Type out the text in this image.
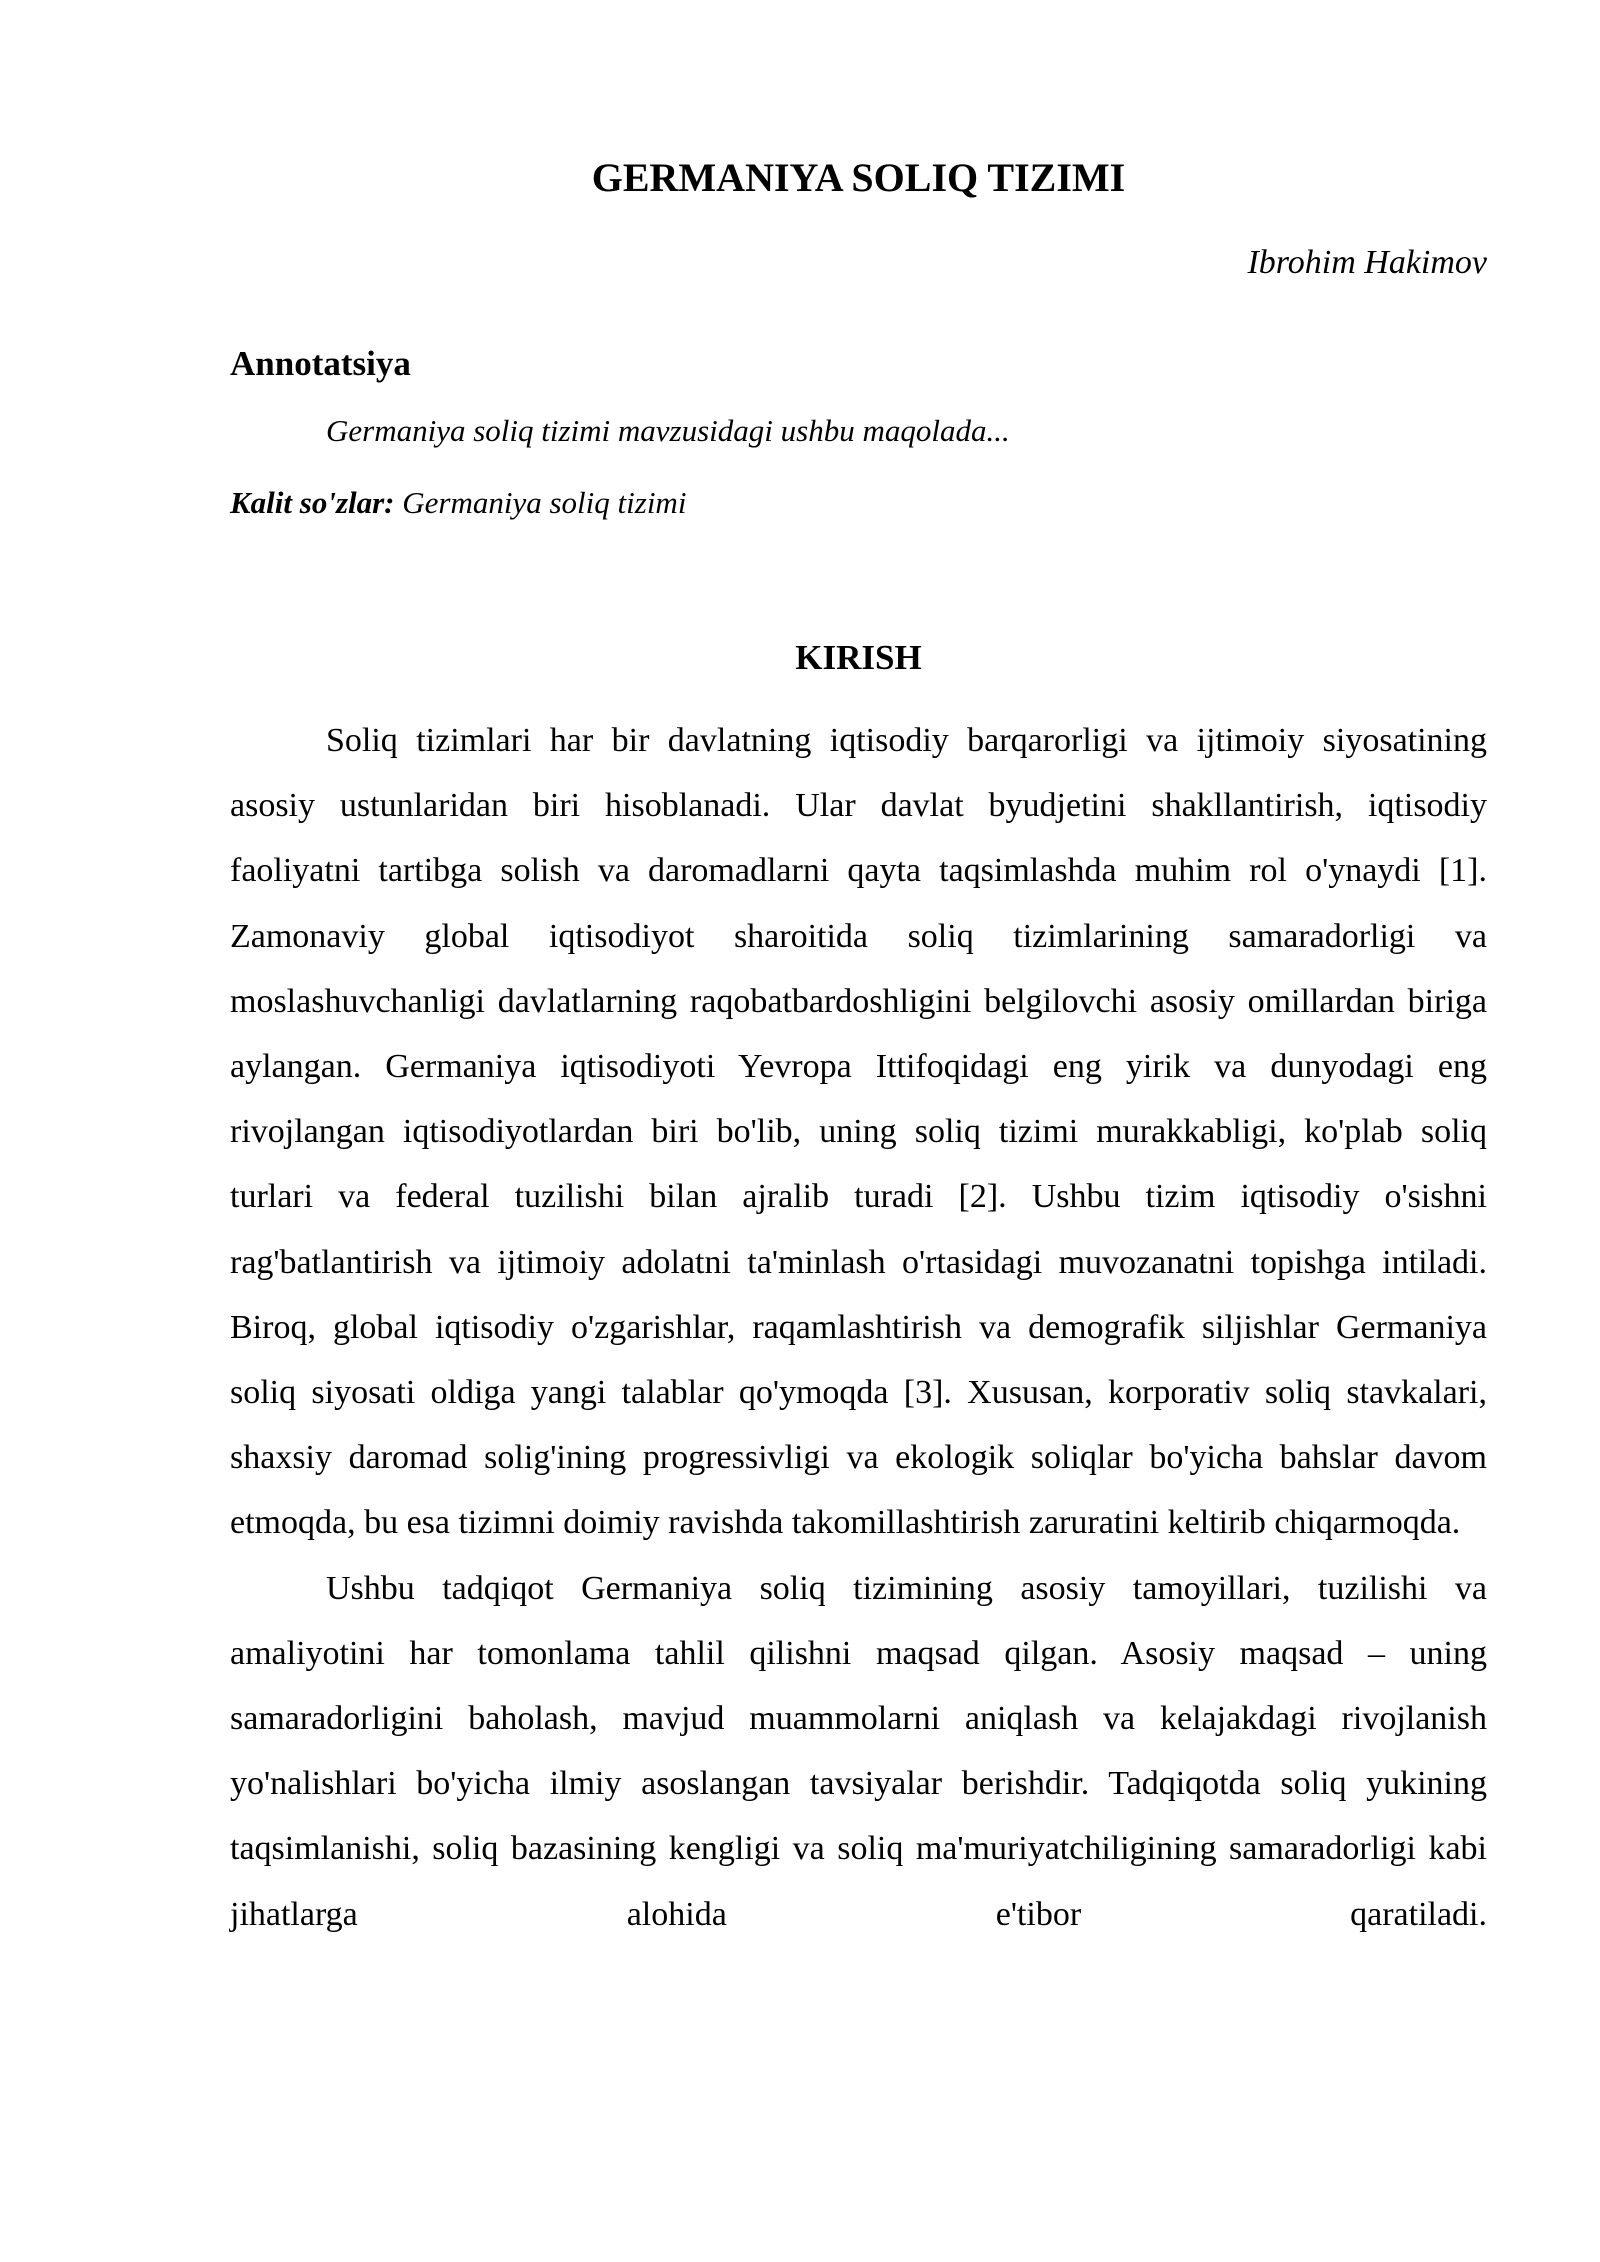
GERMANIYA SOLIQ TIZIMI

Ibrohim Hakimov

Annotatsiya

Germaniya soliq tizimi mavzusidagi ushbu maqolada...

Kalit so'zlar: Germaniya soliq tizimi

KIRISH

Soliq tizimlari har bir davlatning iqtisodiy barqarorligi va ijtimoiy siyosatining asosiy ustunlaridan biri hisoblanadi. Ular davlat byudjetini shakllantirish, iqtisodiy faoliyatni tartibga solish va daromadlarni qayta taqsimlashda muhim rol o'ynaydi [1]. Zamonaviy global iqtisodiyot sharoitida soliq tizimlarining samaradorligi va moslashuvchanligi davlatlarning raqobatbardoshligini belgilovchi asosiy omillardan biriga aylangan. Germaniya iqtisodiyoti Yevropa Ittifoqidagi eng yirik va dunyodagi eng rivojlangan iqtisodiyotlardan biri bo'lib, uning soliq tizimi murakkabligi, ko'plab soliq turlari va federal tuzilishi bilan ajralib turadi [2]. Ushbu tizim iqtisodiy o'sishni rag'batlantirish va ijtimoiy adolatni ta'minlash o'rtasidagi muvozanatni topishga intiladi. Biroq, global iqtisodiy o'zgarishlar, raqamlashtirish va demografik siljishlar Germaniya soliq siyosati oldiga yangi talablar qo'ymoqda [3]. Xususan, korporativ soliq stavkalari, shaxsiy daromad solig'ining progressivligi va ekologik soliqlar bo'yicha bahslar davom etmoqda, bu esa tizimni doimiy ravishda takomillashtirish zaruratini keltirib chiqarmoqda.

Ushbu tadqiqot Germaniya soliq tizimining asosiy tamoyillari, tuzilishi va amaliyotini har tomonlama tahlil qilishni maqsad qilgan. Asosiy maqsad – uning samaradorligini baholash, mavjud muammolarni aniqlash va kelajakdagi rivojlanish yo'nalishlari bo'yicha ilmiy asoslangan tavsiyalar berishdir. Tadqiqotda soliq yukining taqsimlanishi, soliq bazasining kengligi va soliq ma'muriyatchiligining samaradorligi kabi jihatlarga alohida e'tibor qaratiladi.
